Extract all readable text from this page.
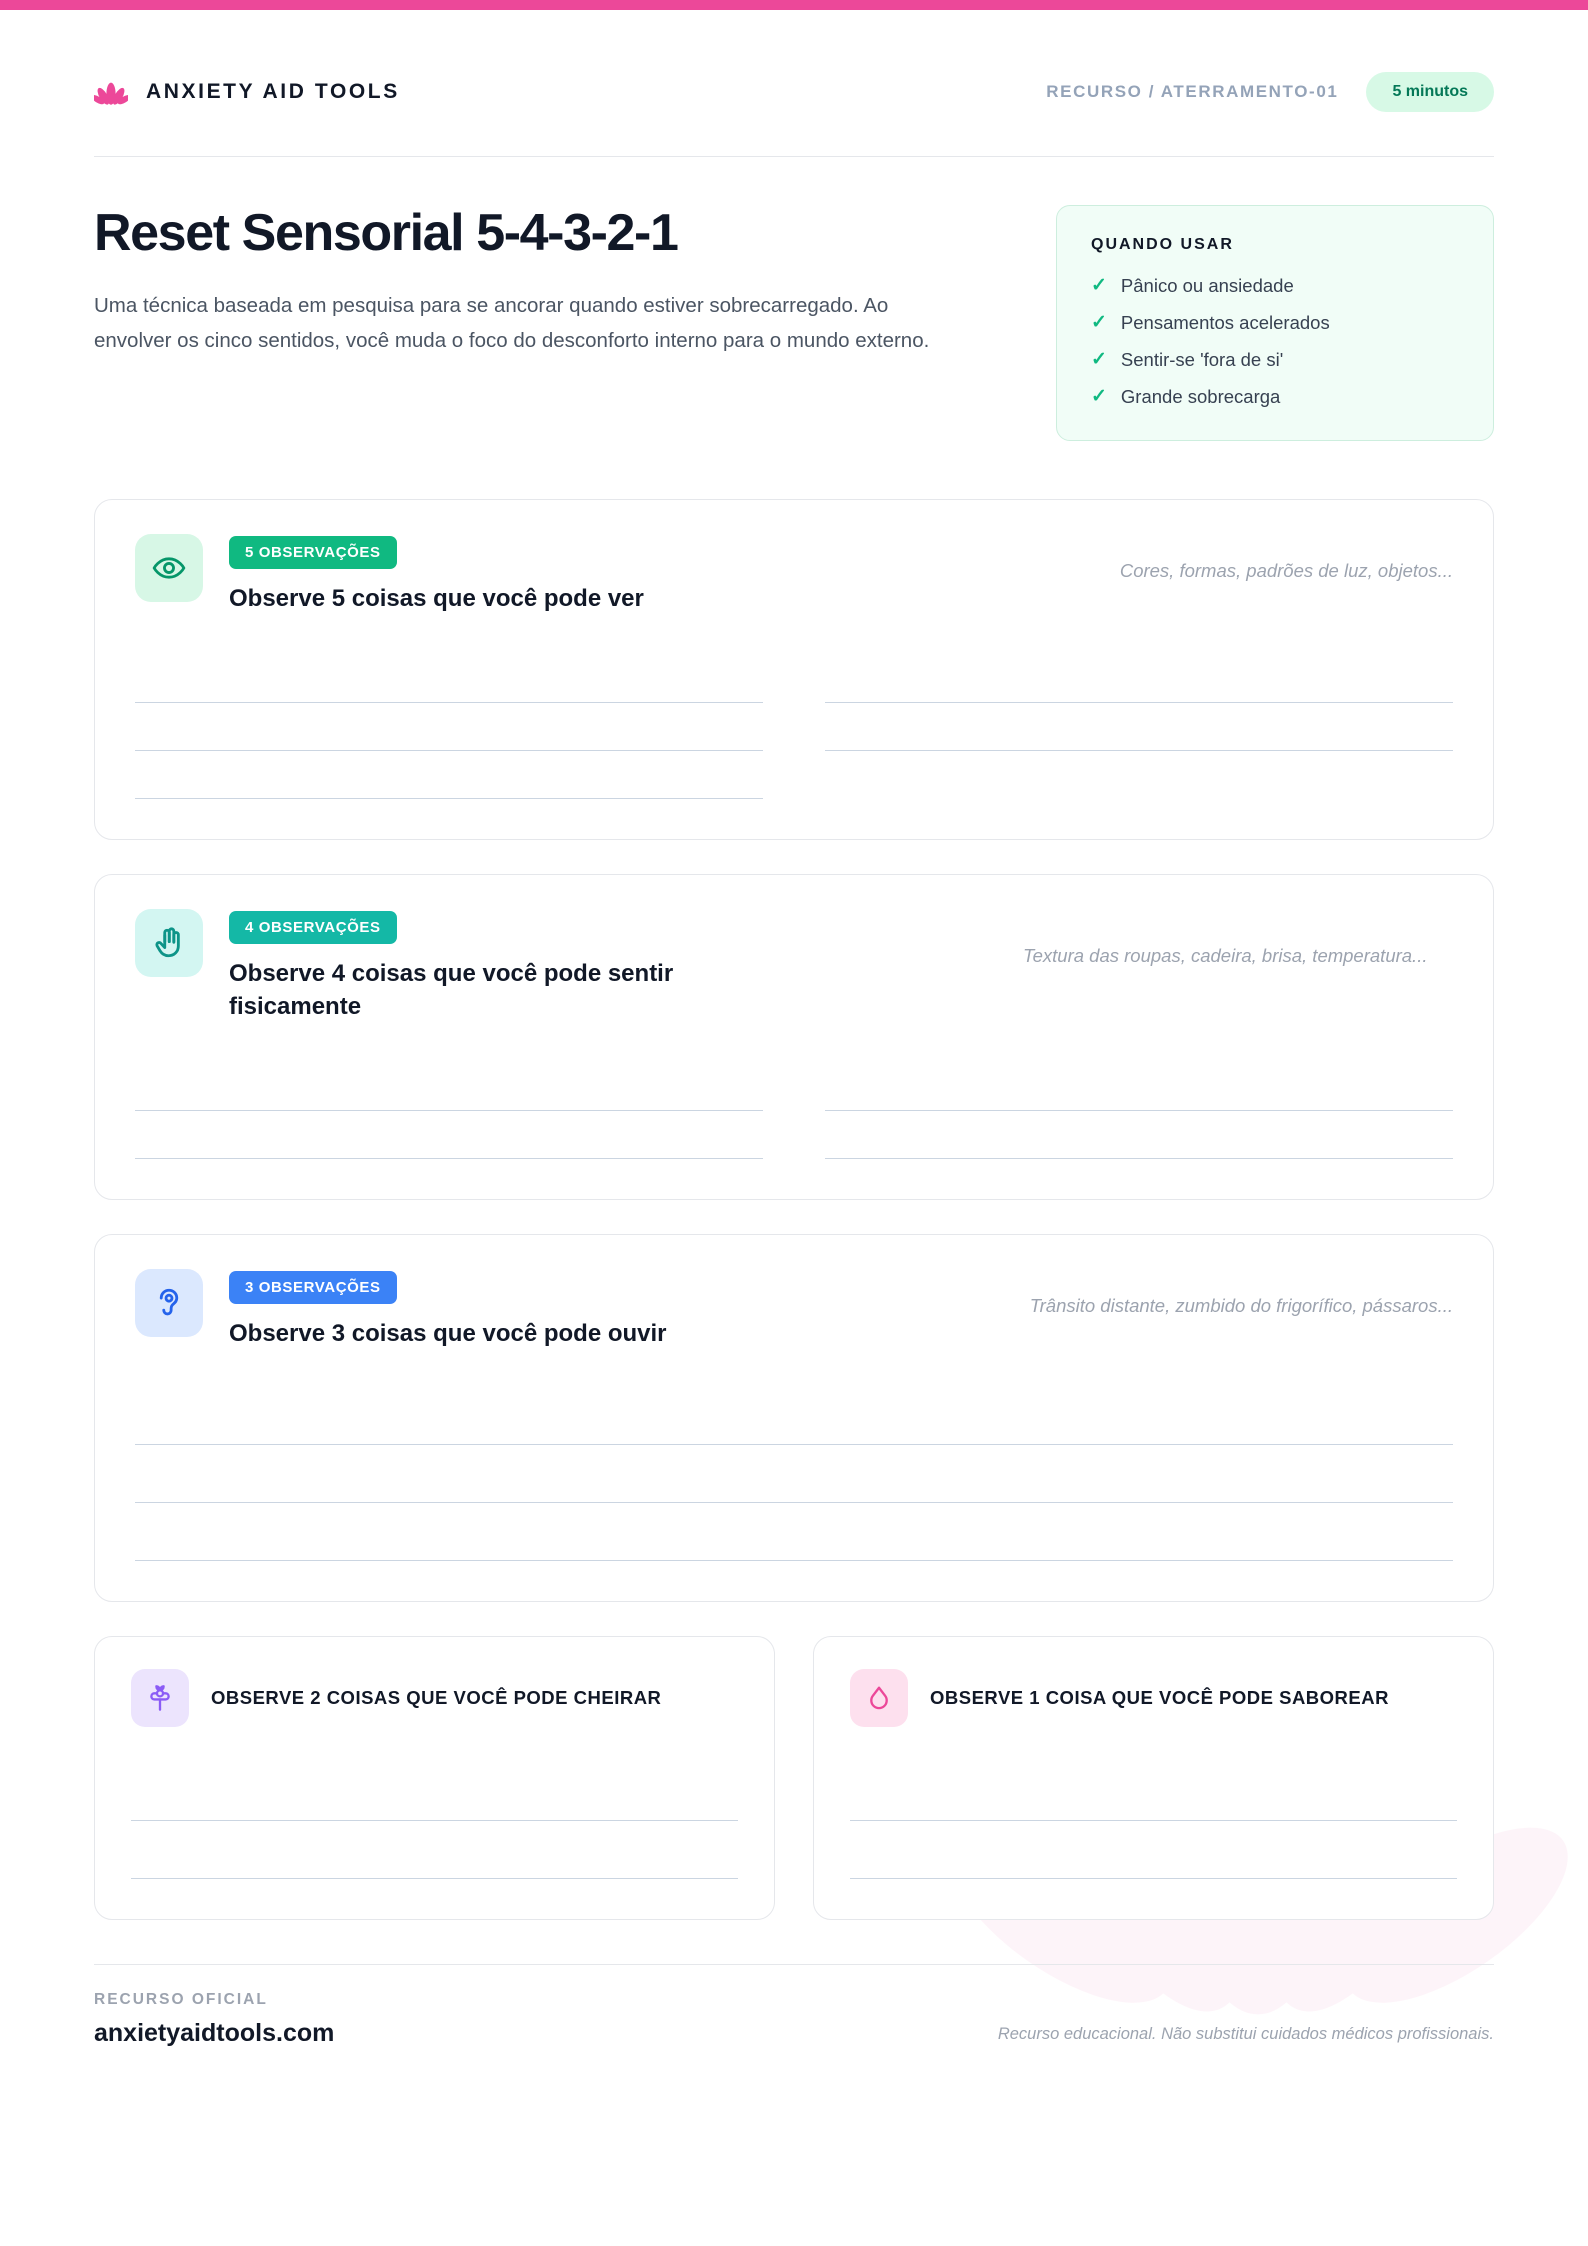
ANXIETY AID TOOLS	RECURSO / ATERRAMENTO-01	5 minutos
Reset Sensorial 5-4-3-2-1

Uma técnica baseada em pesquisa para se ancorar quando estiver sobrecarregado. Ao envolver os cinco sentidos, você muda o foco do desconforto interno para o mundo externo.

QUANDO USAR
✓ Pânico ou ansiedade
✓ Pensamentos acelerados
✓ Sentir-se 'fora de si'
✓ Grande sobrecarga
5 OBSERVAÇÕES
Observe 5 coisas que você pode ver
Cores, formas, padrões de luz, objetos...
4 OBSERVAÇÕES
Observe 4 coisas que você pode sentir fisicamente
Textura das roupas, cadeira, brisa, temperatura...
3 OBSERVAÇÕES
Observe 3 coisas que você pode ouvir
Trânsito distante, zumbido do frigorífico, pássaros...
OBSERVE 2 COISAS QUE VOCÊ PODE CHEIRAR	OBSERVE 1 COISA QUE VOCÊ PODE SABOREAR
RECURSO OFICIAL
anxietyaidtools.com	Recurso educacional. Não substitui cuidados médicos profissionais.
